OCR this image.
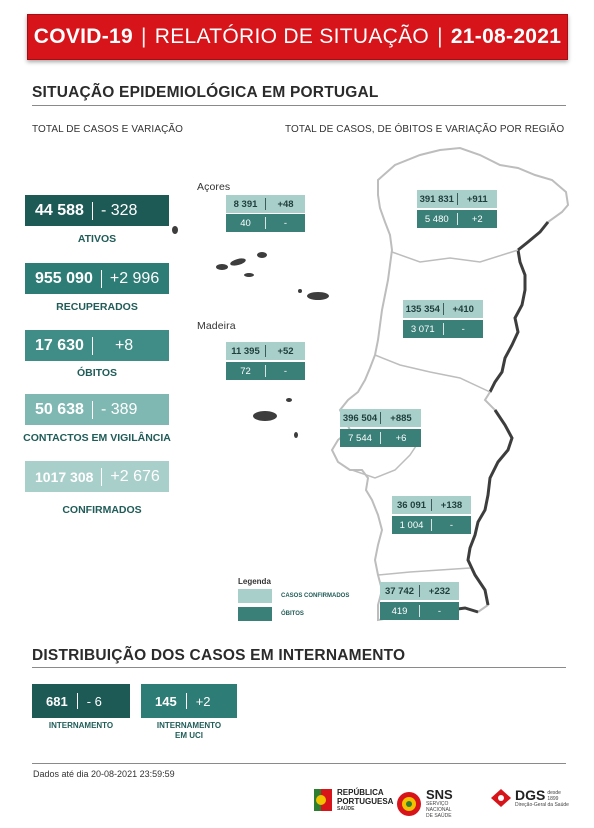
COVID-19 | RELATÓRIO DE SITUAÇÃO | 21-08-2021
SITUAÇÃO EPIDEMIOLÓGICA EM PORTUGAL
TOTAL DE CASOS E VARIAÇÃO	TOTAL DE CASOS, DE ÓBITOS E VARIAÇÃO POR REGIÃO
44 588 - 328
ATIVOS
955 090 +2 996
RECUPERADOS
17 630	+8
ÓBITOS
50 638 - 389
CONTACTOS EM VIGILÂNCIA
1017 308 +2 676
CONFIRMADOS
Açores
Madeira
8 391	+48
40	-
391 831	+911
5 480	+2
135 354	+410
3 071	-
11 395	+52
72	-
396 504	+885
7 544	+6
36 091	+138
1 004	-
37 742	+232
419	-
Legenda
CASOS CONFIRMADOS
ÓBITOS
DISTRIBUIÇÃO DOS CASOS EM INTERNAMENTO
681 - 6
INTERNAMENTO
145 +2
INTERNAMENTO
EM UCI
Dados até dia 20-08-2021 23:59:59
REPÚBLICA
PORTUGUESA
SAÚDE
SNS
SERVIÇO
NACIONAL
DE SAÚDE
DGS desde
1899
Direção-Geral da Saúde
